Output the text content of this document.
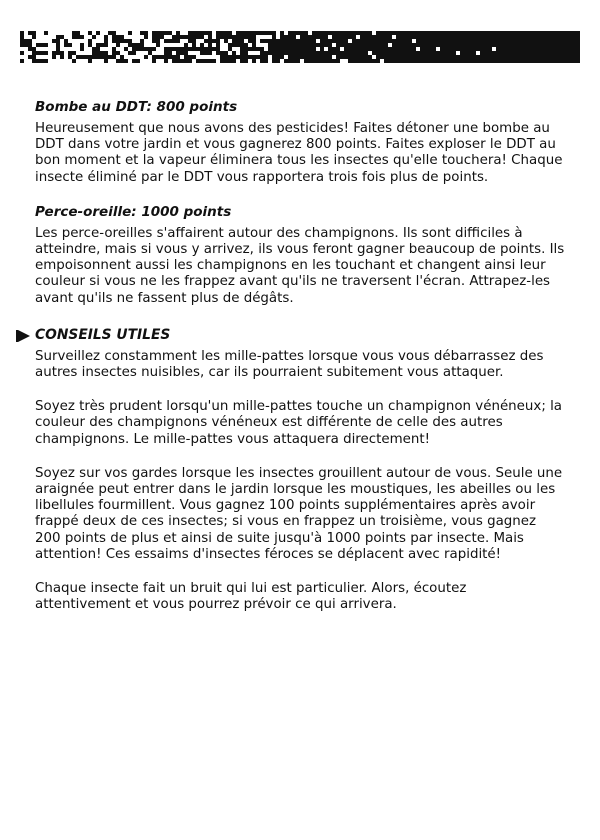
Bombe au DDT: 800 points

Heureusement que nous avons des pesticides! Faites détoner une bombe au DDT dans votre jardin et vous gagnerez 800 points. Faites exploser le DDT au bon moment et la vapeur éliminera tous les insectes qu'elle touchera! Chaque insecte éliminé par le DDT vous rapportera trois fois plus de points.

Perce-oreille: 1000 points

Les perce-oreilles s'affairent autour des champignons. Ils sont difficiles à atteindre, mais si vous y arrivez, ils vous feront gagner beaucoup de points. Ils empoisonnent aussi les champignons en les touchant et changent ainsi leur couleur si vous ne les frappez avant qu'ils ne traversent l'écran. Attrapez-les avant qu'ils ne fassent plus de dégâts.

CONSEILS UTILES

Surveillez constamment les mille-pattes lorsque vous vous débarrassez des autres insectes nuisibles, car ils pourraient subitement vous attaquer.

Soyez très prudent lorsqu'un mille-pattes touche un champignon vénéneux; la couleur des champignons vénéneux est différente de celle des autres champignons. Le mille-pattes vous attaquera directement!

Soyez sur vos gardes lorsque les insectes grouillent autour de vous. Seule une araignée peut entrer dans le jardin lorsque les moustiques, les abeilles ou les libellules fourmillent. Vous gagnez 100 points supplémentaires après avoir frappé deux de ces insectes; si vous en frappez un troisième, vous gagnez 200 points de plus et ainsi de suite jusqu'à 1000 points par insecte. Mais attention! Ces essaims d'insectes féroces se déplacent avec rapidité!

Chaque insecte fait un bruit qui lui est particulier. Alors, écoutez attentivement et vous pourrez prévoir ce qui arrivera.
